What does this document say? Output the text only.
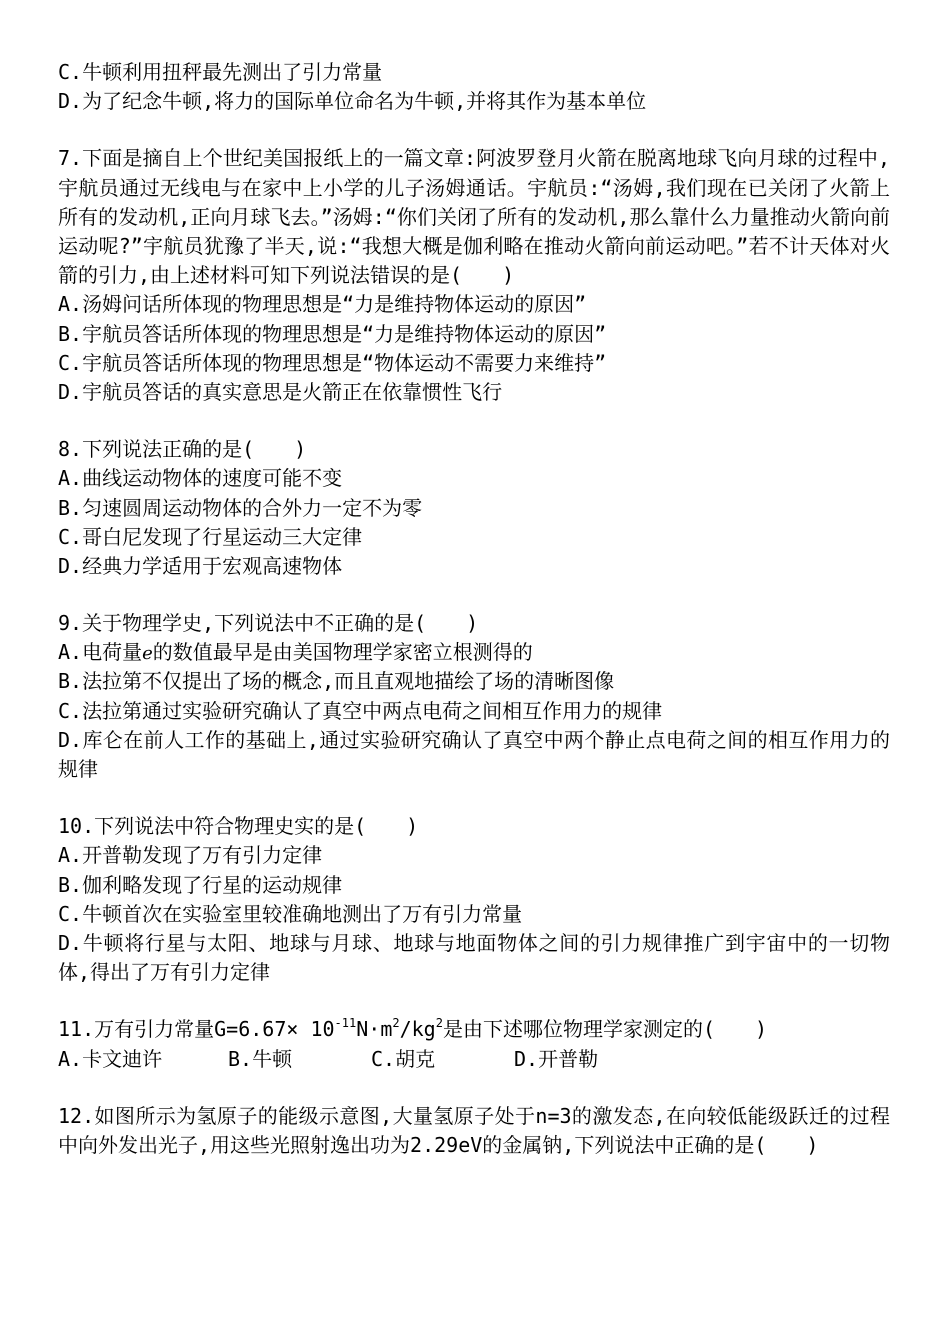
C.牛顿利用扭秤最先测出了引力常量
D.为了纪念牛顿,将力的国际单位命名为牛顿,并将其作为基本单位
7.下面是摘自上个世纪美国报纸上的一篇文章:阿波罗登月火箭在脱离地球飞向月球的过程中,宇航员通过无线电与在家中上小学的儿子汤姆通话。宇航员:“汤姆,我们现在已关闭了火箭上所有的发动机,正向月球飞去。”汤姆:“你们关闭了所有的发动机,那么靠什么力量推动火箭向前运动呢?”宇航员犹豫了半天,说:“我想大概是伽利略在推动火箭向前运动吧。”若不计天体对火箭的引力,由上述材料可知下列说法错误的是(　　)
A.汤姆问话所体现的物理思想是“力是维持物体运动的原因”
B.宇航员答话所体现的物理思想是“力是维持物体运动的原因”
C.宇航员答话所体现的物理思想是“物体运动不需要力来维持”
D.宇航员答话的真实意思是火箭正在依靠惯性飞行
8.下列说法正确的是(　　)
A.曲线运动物体的速度可能不变
B.匀速圆周运动物体的合外力一定不为零
C.哥白尼发现了行星运动三大定律
D.经典力学适用于宏观高速物体
9.关于物理学史,下列说法中不正确的是(　　)
A.电荷量e的数值最早是由美国物理学家密立根测得的
B.法拉第不仅提出了场的概念,而且直观地描绘了场的清晰图像
C.法拉第通过实验研究确认了真空中两点电荷之间相互作用力的规律
D.库仑在前人工作的基础上,通过实验研究确认了真空中两个静止点电荷之间的相互作用力的规律
10.下列说法中符合物理史实的是(　　)
A.开普勒发现了万有引力定律
B.伽利略发现了行星的运动规律
C.牛顿首次在实验室里较准确地测出了万有引力常量
D.牛顿将行星与太阳、地球与月球、地球与地面物体之间的引力规律推广到宇宙中的一切物体,得出了万有引力定律
11.万有引力常量$G=6.67\times 10^{-11}N\cdot m^2/kg^2$是由下述哪位物理学家测定的(　　)
A.卡文迪许	B.牛顿	C.胡克	D.开普勒
12.如图所示为氢原子的能级示意图,大量氢原子处于n=3的激发态,在向较低能级跃迁的过程中向外发出光子,用这些光照射逸出功为2.29eV的金属钠,下列说法中正确的是(　　)
